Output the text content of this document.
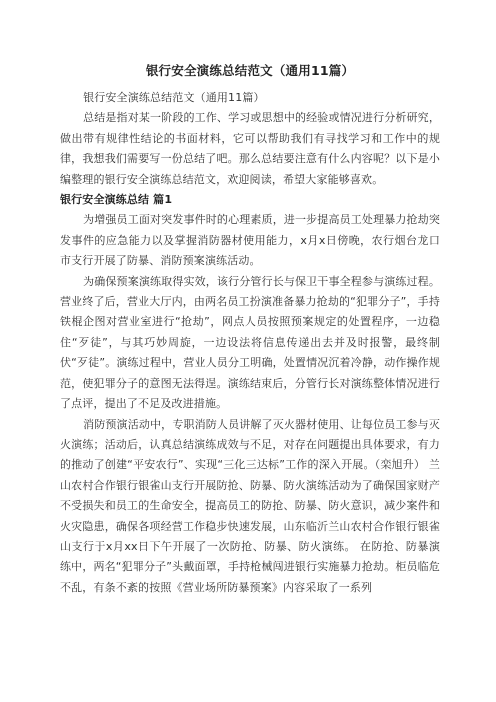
银行安全演练总结范文（通用11篇）

银行安全演练总结范文（通用11篇）

总结是指对某一阶段的工作、学习或思想中的经验或情况进行分析研究，做出带有规律性结论的书面材料，它可以帮助我们有寻找学习和工作中的规律，我想我们需要写一份总结了吧。那么总结要注意有什么内容呢？以下是小编整理的银行安全演练总结范文，欢迎阅读，希望大家能够喜欢。

银行安全演练总结 篇1

为增强员工面对突发事件时的心理素质，进一步提高员工处理暴力抢劫突发事件的应急能力以及掌握消防器材使用能力，x月x日傍晚，农行烟台龙口市支行开展了防暴、消防预案演练活动。

为确保预案演练取得实效，该行分管行长与保卫干事全程参与演练过程。营业终了后，营业大厅内，由两名员工扮演准备暴力抢劫的“犯罪分子”，手持铁棍企图对营业室进行“抢劫”，网点人员按照预案规定的处置程序，一边稳住“歹徒”，与其巧妙周旋，一边设法将信息传递出去并及时报警，最终制伏“歹徒”。演练过程中，营业人员分工明确，处置情况沉着冷静，动作操作规范，使犯罪分子的意图无法得逞。演练结束后，分管行长对演练整体情况进行了点评，提出了不足及改进措施。

消防预演活动中，专职消防人员讲解了灭火器材使用、让每位员工参与灭火演练；活动后，认真总结演练成效与不足，对存在问题提出具体要求，有力的推动了创建“平安农行”、实现“三化三达标”工作的深入开展。（栾旭升） 兰山农村合作银行银雀山支行开展防抢、防暴、防火演练活动为了确保国家财产不受损失和员工的生命安全，提高员工的防抢、防暴、防火意识，减少案件和火灾隐患，确保各项经营工作稳步快速发展，山东临沂兰山农村合作银行银雀山支行于x月xx日下午开展了一次防抢、防暴、防火演练。 在防抢、防暴演练中，两名“犯罪分子”头戴面罩，手持枪械闯进银行实施暴力抢劫。柜员临危不乱，有条不紊的按照《营业场所防暴预案》内容采取了一系列
